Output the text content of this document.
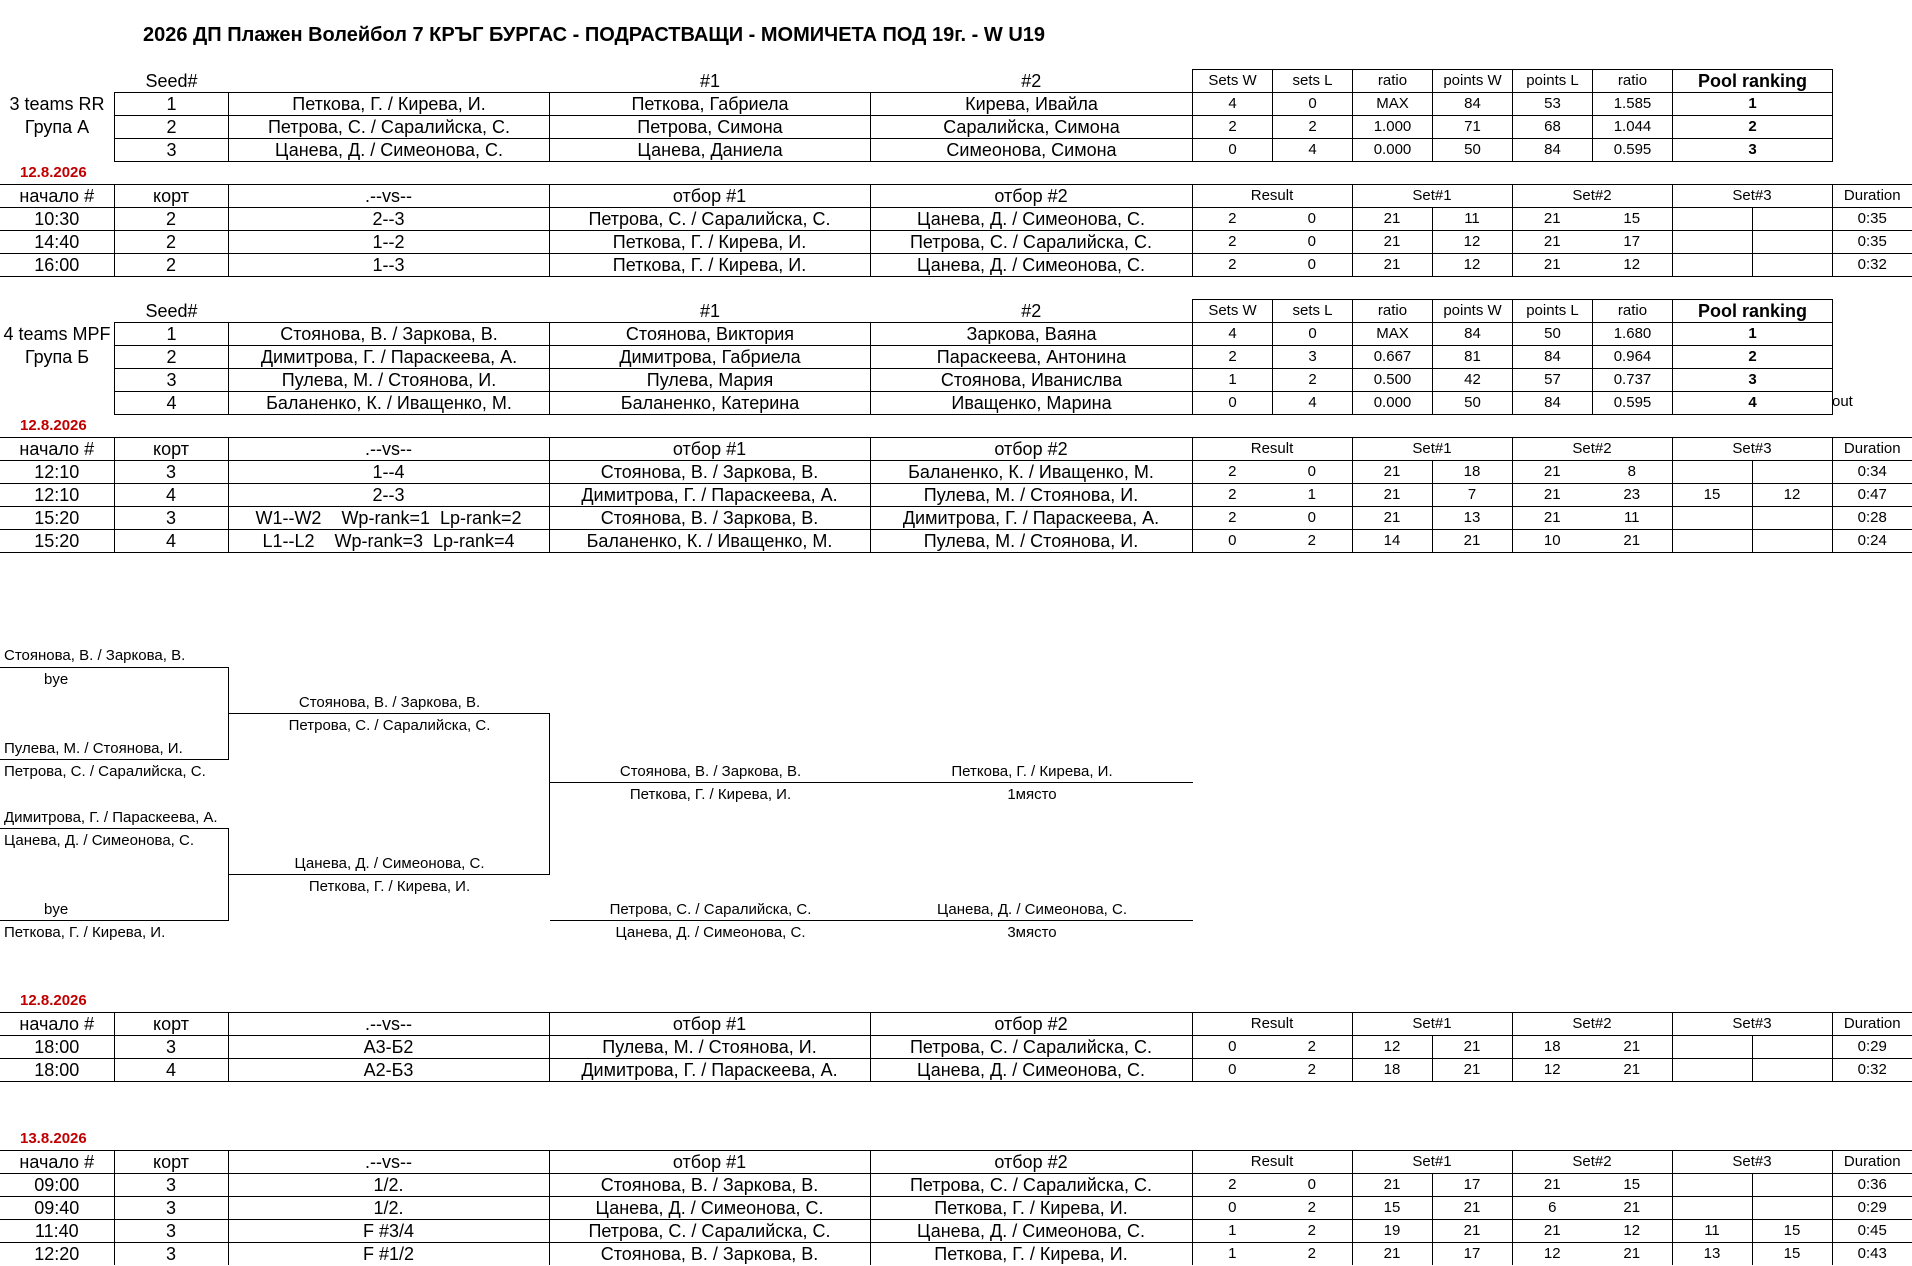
2026 ДП Плажен Волейбол 7 КРЪГ БУРГАС - ПОДРАСТВАЩИ - МОМИЧЕТА ПОД 19г. - W U19
3 teams RR
Група А
Seed#		#1	#2	Sets W	sets L	ratio	points W	points L	ratio	Pool ranking
1	Петкова, Г. / Кирева, И.	Петкова, Габриела	Кирева, Ивайла	4	0	MAX	84	53	1.585	1
2	Петрова, С. / Саралийска, С.	Петрова, Симона	Саралийска, Симона	2	2	1.000	71	68	1.044	2
3	Цанева, Д. / Симеонова, С.	Цанева, Даниела	Симеонова, Симона	0	4	0.000	50	84	0.595	3
12.8.2026
начало #	корт	.--vs--	отбор #1	отбор #2	Result		Set#1		Set#2		Set#3		Duration
10:30	2	2--3	Петрова, С. / Саралийска, С.	Цанева, Д. / Симеонова, С.	2	0	21	11	21	15			0:35
14:40	2	1--2	Петкова, Г. / Кирева, И.	Петрова, С. / Саралийска, С.	2	0	21	12	21	17			0:35
16:00	2	1--3	Петкова, Г. / Кирева, И.	Цанева, Д. / Симеонова, С.	2	0	21	12	21	12			0:32
4 teams MPF
Група Б
Seed#		#1	#2	Sets W	sets L	ratio	points W	points L	ratio	Pool ranking
1	Стоянова, В. / Заркова, В.	Стоянова, Виктория	Заркова, Ваяна	4	0	MAX	84	50	1.680	1
2	Димитрова, Г. / Параскеева, А.	Димитрова, Габриела	Параскеева, Антонина	2	3	0.667	81	84	0.964	2
3	Пулева, М. / Стоянова, И.	Пулева, Мария	Стоянова, Иванислва	1	2	0.500	42	57	0.737	3
4	Баланенко, К. / Иващенко, М.	Баланенко, Катерина	Иващенко, Марина	0	4	0.000	50	84	0.595	4	out
12.8.2026
начало #	корт	.--vs--	отбор #1	отбор #2	Result		Set#1		Set#2		Set#3		Duration
12:10	3	1--4	Стоянова, В. / Заркова, В.	Баланенко, К. / Иващенко, М.	2	0	21	18	21	8			0:34
12:10	4	2--3	Димитрова, Г. / Параскеева, А.	Пулева, М. / Стоянова, И.	2	1	21	7	21	23	15	12	0:47
15:20	3	W1--W2    Wp-rank=1  Lp-rank=2	Стоянова, В. / Заркова, В.	Димитрова, Г. / Параскеева, А.	2	0	21	13	21	11			0:28
15:20	4	L1--L2    Wp-rank=3  Lp-rank=4	Баланенко, К. / Иващенко, М.	Пулева, М. / Стоянова, И.	0	2	14	21	10	21			0:24
Стоянова, В. / Заркова, В.
bye
Пулева, М. / Стоянова, И.
Петрова, С. / Саралийска, С.
Димитрова, Г. / Параскеева, А.
Цанева, Д. / Симеонова, С.
bye
Петкова, Г. / Кирева, И.
Стоянова, В. / Заркова, В.
Петрова, С. / Саралийска, С.
Цанева, Д. / Симеонова, С.
Петкова, Г. / Кирева, И.
Стоянова, В. / Заркова, В.
Петкова, Г. / Кирева, И.
Петкова, Г. / Кирева, И.
1място
Петрова, С. / Саралийска, С.
Цанева, Д. / Симеонова, С.
Цанева, Д. / Симеонова, С.
3място
12.8.2026
начало #	корт	.--vs--	отбор #1	отбор #2	Result		Set#1		Set#2		Set#3		Duration
18:00	3	A3-Б2	Пулева, М. / Стоянова, И.	Петрова, С. / Саралийска, С.	0	2	12	21	18	21			0:29
18:00	4	A2-Б3	Димитрова, Г. / Параскеева, А.	Цанева, Д. / Симеонова, С.	0	2	18	21	12	21			0:32
13.8.2026
начало #	корт	.--vs--	отбор #1	отбор #2	Result		Set#1		Set#2		Set#3		Duration
09:00	3	1/2.	Стоянова, В. / Заркова, В.	Петрова, С. / Саралийска, С.	2	0	21	17	21	15			0:36
09:40	3	1/2.	Цанева, Д. / Симеонова, С.	Петкова, Г. / Кирева, И.	0	2	15	21	6	21			0:29
11:40	3	F #3/4	Петрова, С. / Саралийска, С.	Цанева, Д. / Симеонова, С.	1	2	19	21	21	12	11	15	0:45
12:20	3	F #1/2	Стоянова, В. / Заркова, В.	Петкова, Г. / Кирева, И.	1	2	21	17	12	21	13	15	0:43
